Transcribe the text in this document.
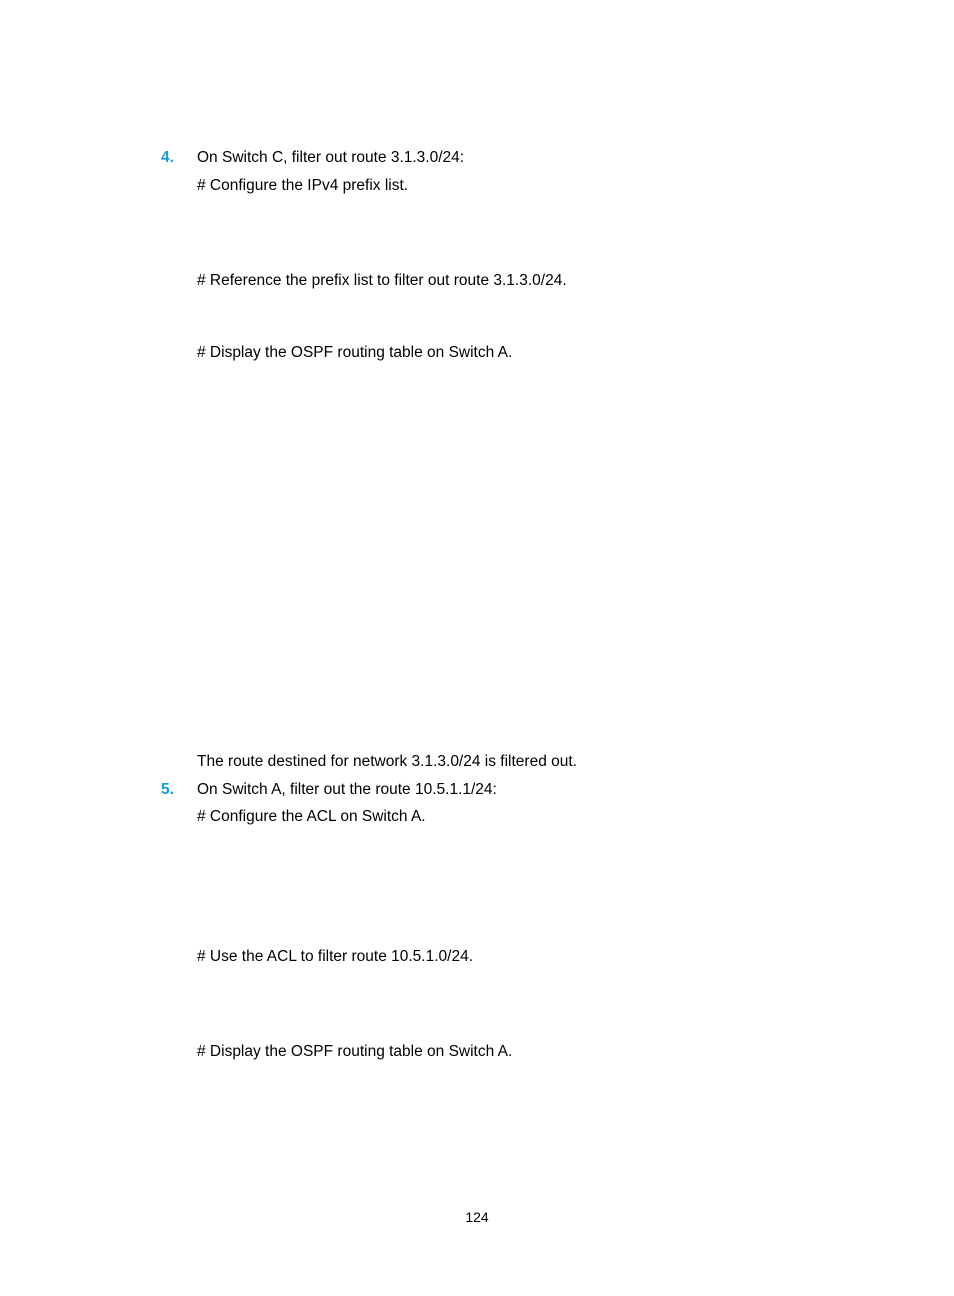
4. On Switch C, filter out route 3.1.3.0/24:
# Configure the IPv4 prefix list.
# Reference the prefix list to filter out route 3.1.3.0/24.
# Display the OSPF routing table on Switch A.
The route destined for network 3.1.3.0/24 is filtered out.
5. On Switch A, filter out the route 10.5.1.1/24:
# Configure the ACL on Switch A.
# Use the ACL to filter route 10.5.1.0/24.
# Display the OSPF routing table on Switch A.
124
